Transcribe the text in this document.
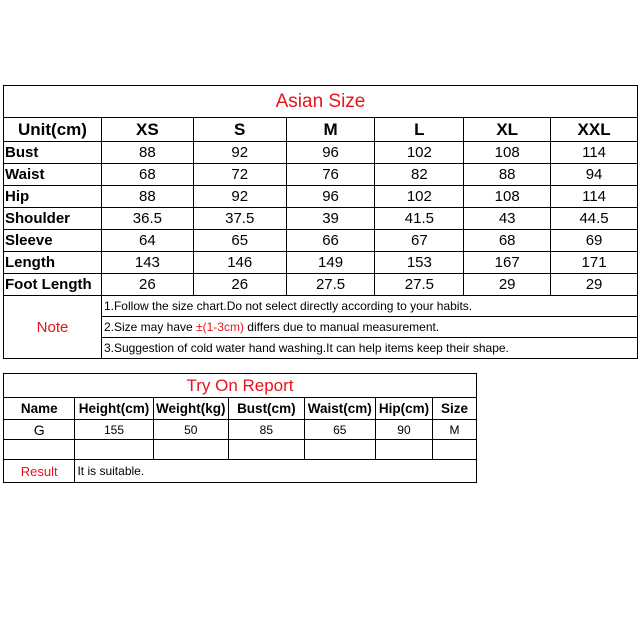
Asian Size						
Unit(cm)	XS	S	M	L	XL	XXL
Bust	88	92	96	102	108	114
Waist	68	72	76	82	88	94
Hip	88	92	96	102	108	114
Shoulder	36.5	37.5	39	41.5	43	44.5
Sleeve	64	65	66	67	68	69
Length	143	146	149	153	167	171
Foot Length	26	26	27.5	27.5	29	29
Note	1.Follow the size chart.Do not select directly according to your habits.					
	2.Size may have ±(1-3cm) differs due to manual measurement.					
	3.Suggestion of cold water hand washing.It can help items keep their shape.					
Try On Report						
Name	Height(cm)	Weight(kg)	Bust(cm)	Waist(cm)	Hip(cm)	Size
G	155	50	85	65	90	M

Result	It is suitable.					
